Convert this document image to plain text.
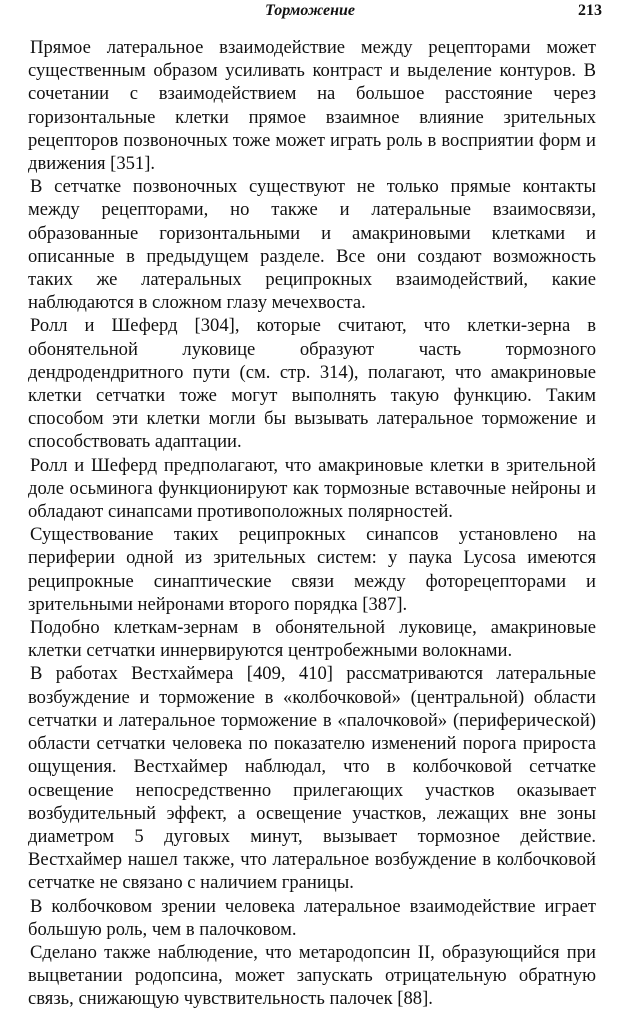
Торможение	213

Прямое латеральное взаимодействие между рецепторами может существенным образом усиливать контраст и выделение контуров. В сочетании с взаимодействием на большое расстояние через горизонтальные клетки прямое взаимное влияние зрительных рецепторов позвоночных тоже может играть роль в восприятии форм и движения [351].

В сетчатке позвоночных существуют не только прямые контакты между рецепторами, но также и латеральные взаимосвязи, образованные горизонтальными и амакриновыми клетками и описанные в предыдущем разделе. Все они создают возможность таких же латеральных реципрокных взаимодействий, какие наблюдаются в сложном глазу мечехвоста.

Ролл и Шеферд [304], которые считают, что клетки-зерна в обонятельной луковице образуют часть тормозного дендродендритного пути (см. стр. 314), полагают, что амакриновые клетки сетчатки тоже могут выполнять такую функцию. Таким способом эти клетки могли бы вызывать латеральное торможение и способствовать адаптации.

Ролл и Шеферд предполагают, что амакриновые клетки в зрительной доле осьминога функционируют как тормозные вставочные нейроны и обладают синапсами противоположных полярностей.

Существование таких реципрокных синапсов установлено на периферии одной из зрительных систем: у паука Lycosa имеются реципрокные синаптические связи между фоторецепторами и зрительными нейронами второго порядка [387].

Подобно клеткам-зернам в обонятельной луковице, амакриновые клетки сетчатки иннервируются центробежными волокнами.

В работах Вестхаймера [409, 410] рассматриваются латеральные возбуждение и торможение в «колбочковой» (центральной) области сетчатки и латеральное торможение в «палочковой» (периферической) области сетчатки человека по показателю изменений порога прироста ощущения. Вестхаймер наблюдал, что в колбочковой сетчатке освещение непосредственно прилегающих участков оказывает возбудительный эффект, а освещение участков, лежащих вне зоны диаметром 5 дуговых минут, вызывает тормозное действие. Вестхаймер нашел также, что латеральное возбуждение в колбочковой сетчатке не связано с наличием границы.

В колбочковом зрении человека латеральное взаимодействие играет большую роль, чем в палочковом.

Сделано также наблюдение, что метародопсин II, образующийся при выцветании родопсина, может запускать отрицательную обратную связь, снижающую чувствительность палочек [88].
